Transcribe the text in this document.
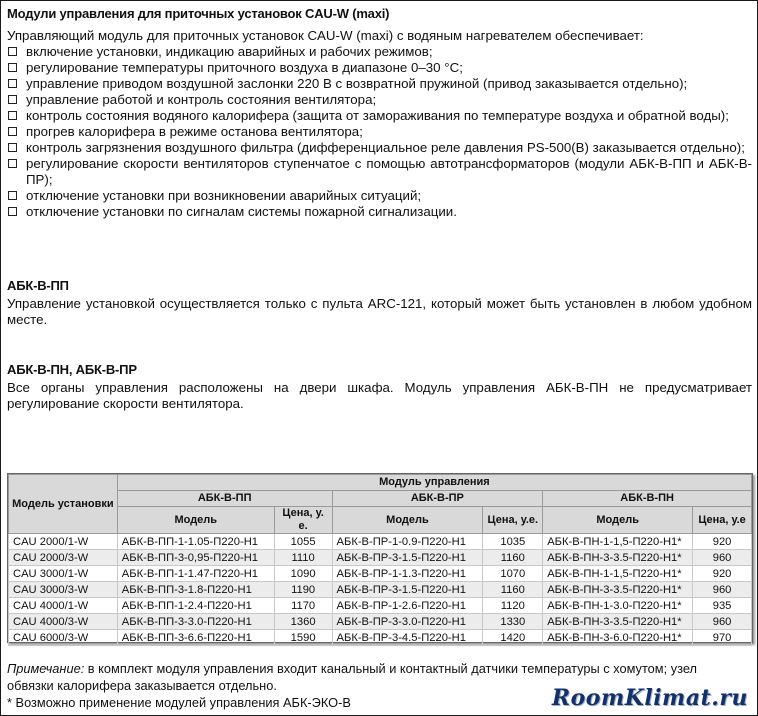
Модули управления для приточных установок CAU-W (maxi)
Управляющий модуль для приточных установок CAU-W (maxi) с водяным нагревателем обеспечивает:
включение установки, индикацию аварийных и рабочих режимов;
регулирование температуры приточного воздуха в диапазоне 0–30 °С;
управление приводом воздушной заслонки 220 В с возвратной пружиной (привод заказывается отдельно);
управление работой и контроль состояния вентилятора;
контроль состояния водяного калорифера (защита от замораживания по температуре воздуха и обратной воды);
прогрев калорифера в режиме останова вентилятора;
контроль загрязнения воздушного фильтра (дифференциальное реле давления PS-500(B) заказывается отдельно);
регулирование скорости вентиляторов ступенчатое с помощью автотрансформаторов (модули АБК-В-ПП и АБК-В-ПР);
отключение установки при возникновении аварийных ситуаций;
отключение установки по сигналам системы пожарной сигнализации.
АБК-В-ПП
Управление установкой осуществляется только с пульта ARC-121, который может быть установлен в любом удобном месте.
АБК-В-ПН, АБК-В-ПР
Все органы управления расположены на двери шкафа. Модуль управления АБК-В-ПН не предусматривает регулирование скорости вентилятора.
Модель установки	Модуль управления					
	АБК-В-ПП		АБК-В-ПР		АБК-В-ПН	
	Модель	Цена, у. е.	Модель	Цена, у.е.	Модель	Цена, у.е
CAU 2000/1-W	АБК-В-ПП-1-1.05-П220-Н1	1055	АБК-В-ПР-1-0.9-П220-Н1	1035	АБК-В-ПН-1-1,5-П220-Н1*	920
CAU 2000/3-W	АБК-В-ПП-3-0,95-П220-Н1	1110	АБК-В-ПР-3-1.5-П220-Н1	1160	АБК-В-ПН-3-3.5-П220-Н1*	960
CAU 3000/1-W	АБК-В-ПП-1-1.47-П220-Н1	1090	АБК-В-ПР-1-1.3-П220-Н1	1070	АБК-В-ПН-1-1,5-П220-Н1*	920
CAU 3000/3-W	АБК-В-ПП-3-1.8-П220-Н1	1190	АБК-В-ПР-3-1.5-П220-Н1	1160	АБК-В-ПН-3-3.5-П220-Н1*	960
CAU 4000/1-W	АБК-В-ПП-1-2.4-П220-Н1	1170	АБК-В-ПР-1-2.6-П220-Н1	1120	АБК-В-ПН-1-3.0-П220-Н1*	935
CAU 4000/3-W	АБК-В-ПП-3-3.0-П220-Н1	1360	АБК-В-ПР-3-3.0-П220-Н1	1330	АБК-В-ПН-3-3.5-П220-Н1*	960
CAU 6000/3-W	АБК-В-ПП-3-6.6-П220-Н1	1590	АБК-В-ПР-3-4.5-П220-Н1	1420	АБК-В-ПН-3-6.0-П220-Н1*	970
Примечание: в комплект модуля управления входит канальный и контактный датчики температуры с хомутом; узел обвязки калорифера заказывается отдельно.
* Возможно применение модулей управления АБК-ЭКО-В	RoomKlimat.ru
